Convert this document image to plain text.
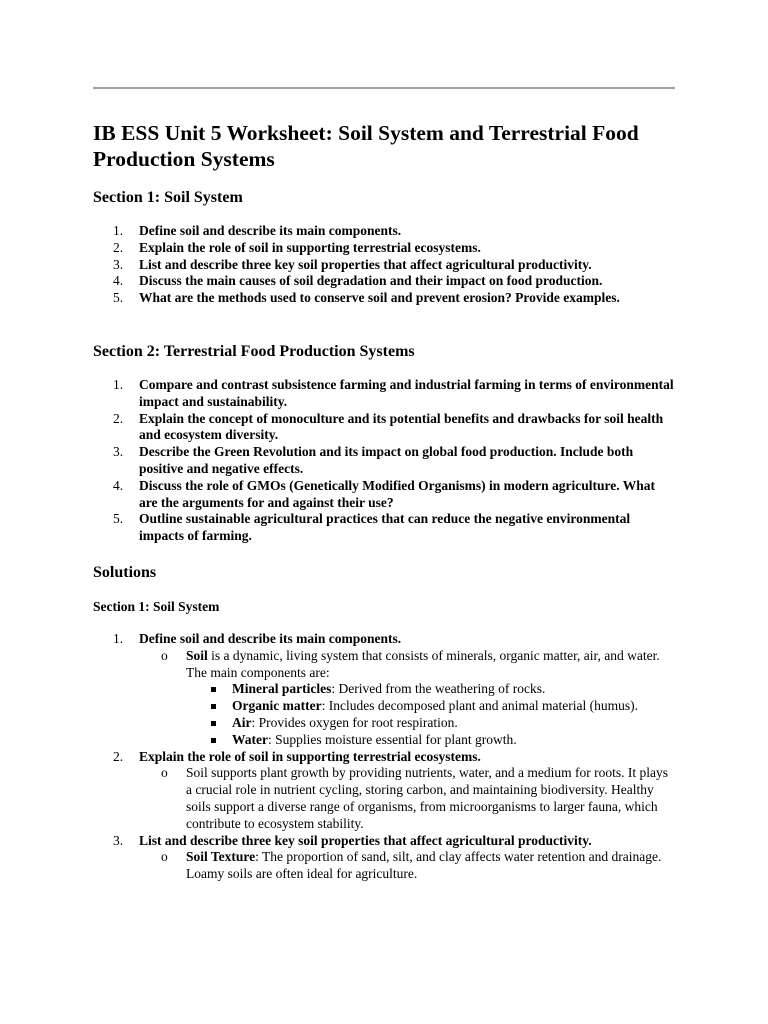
IB ESS Unit 5 Worksheet: Soil System and Terrestrial Food Production Systems
Section 1: Soil System
1. Define soil and describe its main components.
2. Explain the role of soil in supporting terrestrial ecosystems.
3. List and describe three key soil properties that affect agricultural productivity.
4. Discuss the main causes of soil degradation and their impact on food production.
5. What are the methods used to conserve soil and prevent erosion? Provide examples.
Section 2: Terrestrial Food Production Systems
1. Compare and contrast subsistence farming and industrial farming in terms of environmental impact and sustainability.
2. Explain the concept of monoculture and its potential benefits and drawbacks for soil health and ecosystem diversity.
3. Describe the Green Revolution and its impact on global food production. Include both positive and negative effects.
4. Discuss the role of GMOs (Genetically Modified Organisms) in modern agriculture. What are the arguments for and against their use?
5. Outline sustainable agricultural practices that can reduce the negative environmental impacts of farming.
Solutions
Section 1: Soil System
1. Define soil and describe its main components.
o Soil is a dynamic, living system that consists of minerals, organic matter, air, and water. The main components are:
Mineral particles: Derived from the weathering of rocks.
Organic matter: Includes decomposed plant and animal material (humus).
Air: Provides oxygen for root respiration.
Water: Supplies moisture essential for plant growth.
2. Explain the role of soil in supporting terrestrial ecosystems.
o Soil supports plant growth by providing nutrients, water, and a medium for roots. It plays a crucial role in nutrient cycling, storing carbon, and maintaining biodiversity. Healthy soils support a diverse range of organisms, from microorganisms to larger fauna, which contribute to ecosystem stability.
3. List and describe three key soil properties that affect agricultural productivity.
o Soil Texture: The proportion of sand, silt, and clay affects water retention and drainage. Loamy soils are often ideal for agriculture.
